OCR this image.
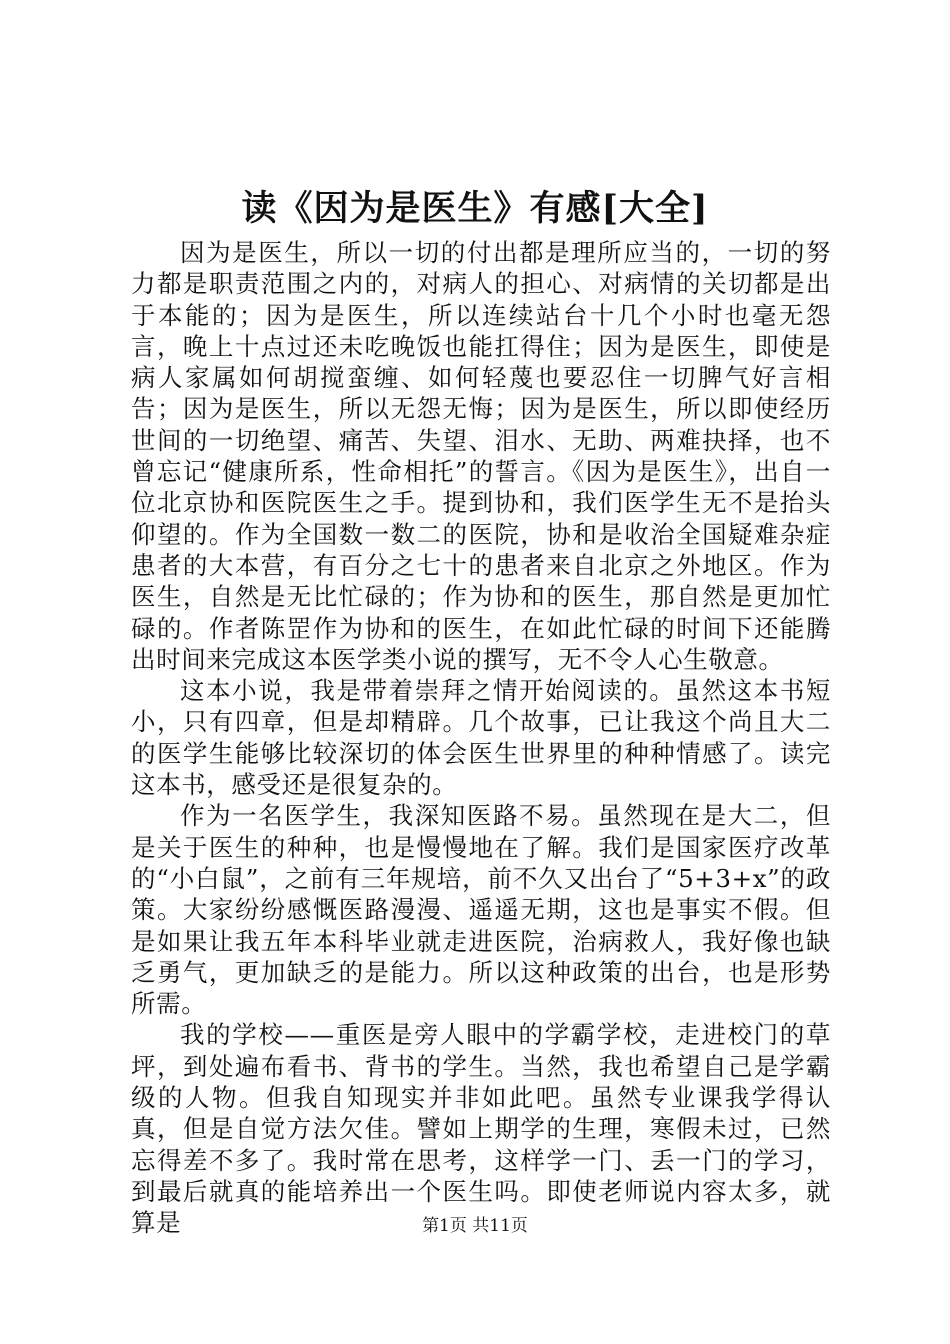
读《因为是医生》有感[大全]

因为是医生，所以一切的付出都是理所应当的，一切的努力都是职责范围之内的，对病人的担心、对病情的关切都是出于本能的；因为是医生，所以连续站台十几个小时也毫无怨言，晚上十点过还未吃晚饭也能扛得住；因为是医生，即使是病人家属如何胡搅蛮缠、如何轻蔑也要忍住一切脾气好言相告；因为是医生，所以无怨无悔；因为是医生，所以即使经历世间的一切绝望、痛苦、失望、泪水、无助、两难抉择，也不曾忘记“健康所系，性命相托”的誓言。《因为是医生》，出自一位北京协和医院医生之手。提到协和，我们医学生无不是抬头仰望的。作为全国数一数二的医院，协和是收治全国疑难杂症患者的大本营，有百分之七十的患者来自北京之外地区。作为医生，自然是无比忙碌的；作为协和的医生，那自然是更加忙碌的。作者陈罡作为协和的医生，在如此忙碌的时间下还能腾出时间来完成这本医学类小说的撰写，无不令人心生敬意。

这本小说，我是带着崇拜之情开始阅读的。虽然这本书短小，只有四章，但是却精辟。几个故事，已让我这个尚且大二的医学生能够比较深切的体会医生世界里的种种情感了。读完这本书，感受还是很复杂的。

作为一名医学生，我深知医路不易。虽然现在是大二，但是关于医生的种种，也是慢慢地在了解。我们是国家医疗改革的“小白鼠”，之前有三年规培，前不久又出台了“5+3+x”的政策。大家纷纷感慨医路漫漫、遥遥无期，这也是事实不假。但是如果让我五年本科毕业就走进医院，治病救人，我好像也缺乏勇气，更加缺乏的是能力。所以这种政策的出台，也是形势所需。

我的学校——重医是旁人眼中的学霸学校，走进校门的草坪，到处遍布看书、背书的学生。当然，我也希望自己是学霸级的人物。但我自知现实并非如此吧。虽然专业课我学得认真，但是自觉方法欠佳。譬如上期学的生理，寒假未过，已然忘得差不多了。我时常在思考，这样学一门、丢一门的学习，到最后就真的能培养出一个医生吗。即使老师说内容太多，就算是	第1页 共11页
